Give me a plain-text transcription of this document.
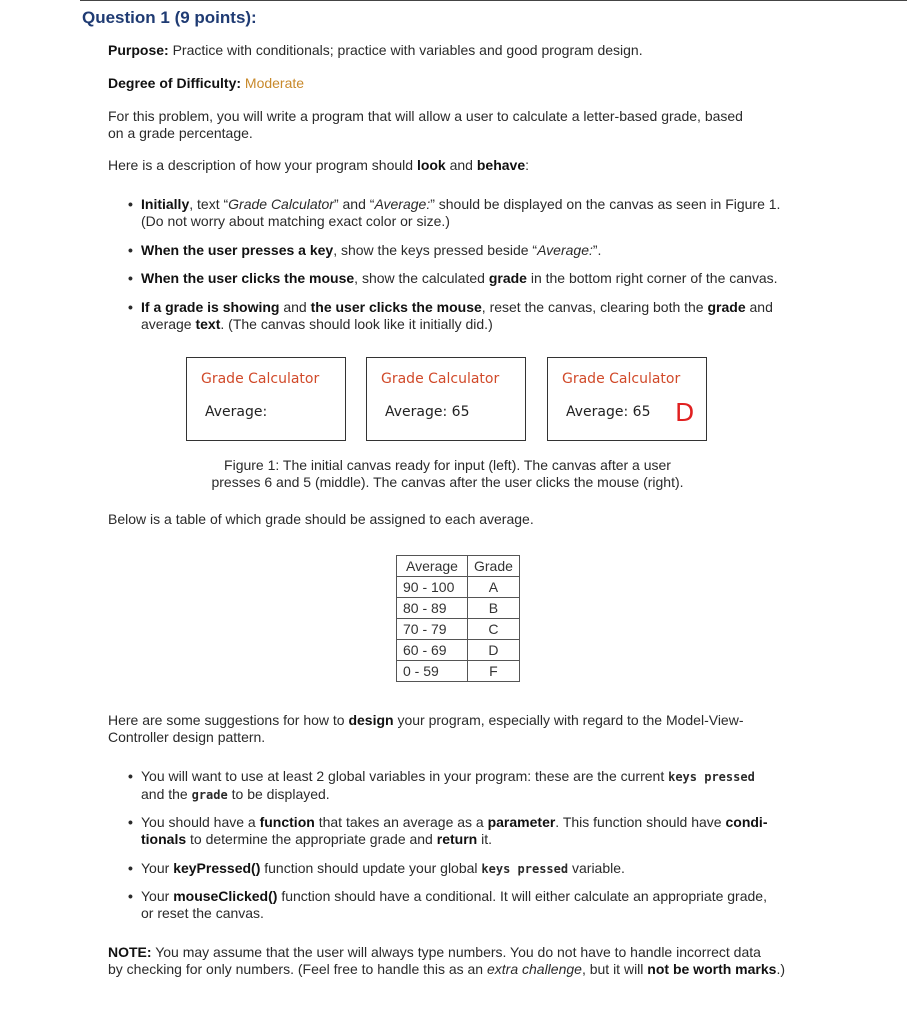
Question 1 (9 points):
Purpose: Practice with conditionals; practice with variables and good program design.
Degree of Difficulty: Moderate
For this problem, you will write a program that will allow a user to calculate a letter-based grade, based
on a grade percentage.
Here is a description of how your program should look and behave:
• Initially, text “Grade Calculator” and “Average:” should be displayed on the canvas as seen in Figure 1.
(Do not worry about matching exact color or size.)
• When the user presses a key, show the keys pressed beside “Average:”.
• When the user clicks the mouse, show the calculated grade in the bottom right corner of the canvas.
• If a grade is showing and the user clicks the mouse, reset the canvas, clearing both the grade and
average text. (The canvas should look like it initially did.)
Grade Calculator
Average:
Grade Calculator
Average: 65
Grade Calculator
Average: 65 D
Figure 1: The initial canvas ready for input (left). The canvas after a user
presses 6 and 5 (middle). The canvas after the user clicks the mouse (right).
Below is a table of which grade should be assigned to each average.
Average	Grade
90 - 100	A
80 - 89	B
70 - 79	C
60 - 69	D
0 - 59	F
Here are some suggestions for how to design your program, especially with regard to the Model-View-
Controller design pattern.
• You will want to use at least 2 global variables in your program: these are the current keys pressed
and the grade to be displayed.
• You should have a function that takes an average as a parameter. This function should have condi-
tionals to determine the appropriate grade and return it.
• Your keyPressed() function should update your global keys pressed variable.
• Your mouseClicked() function should have a conditional. It will either calculate an appropriate grade,
or reset the canvas.
NOTE: You may assume that the user will always type numbers. You do not have to handle incorrect data
by checking for only numbers. (Feel free to handle this as an extra challenge, but it will not be worth marks.)
